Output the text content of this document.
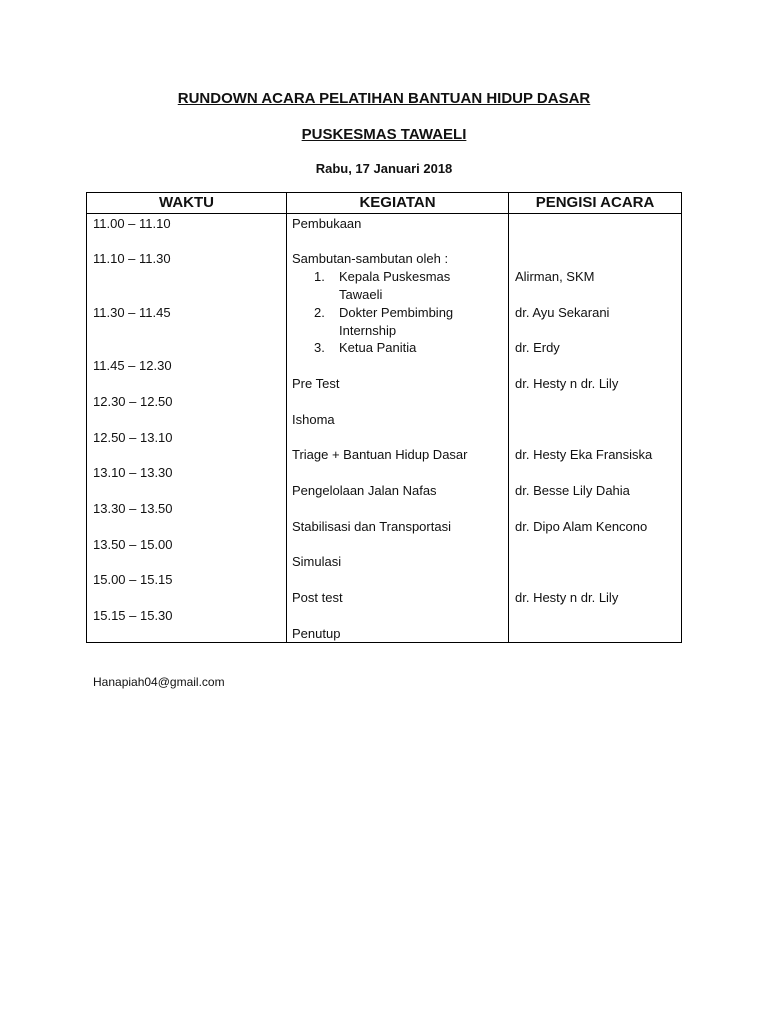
RUNDOWN ACARA PELATIHAN BANTUAN HIDUP DASAR
PUSKESMAS TAWAELI
Rabu, 17 Januari 2018
WAKTU	KEGIATAN	PENGISI ACARA
11.00 – 11.10
11.10 – 11.30
11.30 – 11.45
11.45 – 12.30
12.30 – 12.50
12.50 – 13.10
13.10 – 13.30
13.30 – 13.50
13.50 – 15.00
15.00 – 15.15
15.15 – 15.30
Pembukaan
Sambutan-sambutan oleh :
1. Kepala Puskesmas
Tawaeli
2. Dokter Pembimbing
Internship
3. Ketua Panitia
Pre Test
Ishoma
Triage + Bantuan Hidup Dasar
Pengelolaan Jalan Nafas
Stabilisasi dan Transportasi
Simulasi
Post test
Penutup
Alirman, SKM
dr. Ayu Sekarani
dr. Erdy
dr. Hesty n dr. Lily
dr. Hesty Eka Fransiska
dr. Besse Lily Dahia
dr. Dipo Alam Kencono
dr. Hesty n dr. Lily
Hanapiah04@gmail.com
